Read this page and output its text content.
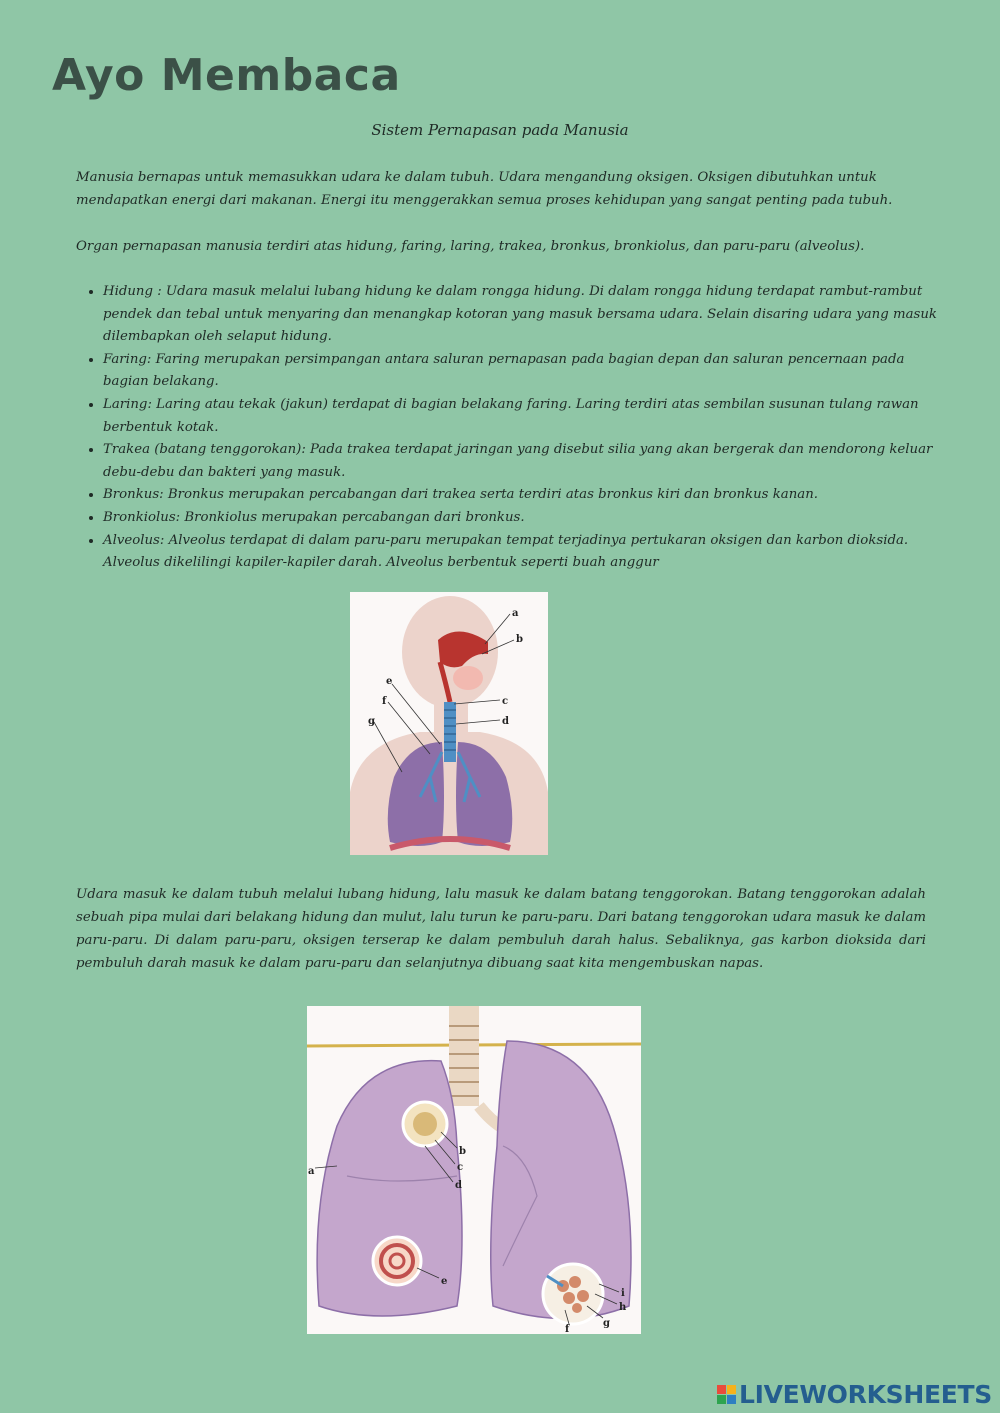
Ayo Membaca
Sistem Pernapasan pada Manusia

Manusia bernapas untuk memasukkan udara ke dalam tubuh. Udara mengandung oksigen. Oksigen dibutuhkan untuk mendapatkan energi dari makanan. Energi itu menggerakkan semua proses kehidupan yang sangat penting pada tubuh.

Organ pernapasan manusia terdiri atas hidung, faring, laring, trakea, bronkus, bronkiolus, dan paru-paru (alveolus).

• Hidung : Udara masuk melalui lubang hidung ke dalam rongga hidung. Di dalam rongga hidung terdapat rambut-rambut pendek dan tebal untuk menyaring dan menangkap kotoran yang masuk bersama udara. Selain disaring udara yang masuk dilembapkan oleh selaput hidung.
• Faring: Faring merupakan persimpangan antara saluran pernapasan pada bagian depan dan saluran pencernaan pada bagian belakang.
• Laring: Laring atau tekak (jakun) terdapat di bagian belakang faring. Laring terdiri atas sembilan susunan tulang rawan berbentuk kotak.
• Trakea (batang tenggorokan): Pada trakea terdapat jaringan yang disebut silia yang akan bergerak dan mendorong keluar debu-debu dan bakteri yang masuk.
• Bronkus: Bronkus merupakan percabangan dari trakea serta terdiri atas bronkus kiri dan bronkus kanan.
• Bronkiolus: Bronkiolus merupakan percabangan dari bronkus.
• Alveolus: Alveolus terdapat di dalam paru-paru merupakan tempat terjadinya pertukaran oksigen dan karbon dioksida. Alveolus dikelilingi kapiler-kapiler darah. Alveolus berbentuk seperti buah anggur
a
b
c
d
e
f
g

Udara masuk ke dalam tubuh melalui lubang hidung, lalu masuk ke dalam batang tenggorokan. Batang tenggorokan adalah sebuah pipa mulai dari belakang hidung dan mulut, lalu turun ke paru-paru. Dari batang tenggorokan udara masuk ke dalam paru-paru. Di dalam paru-paru, oksigen terserap ke dalam pembuluh darah halus. Sebaliknya, gas karbon dioksida dari pembuluh darah masuk ke dalam paru-paru dan selanjutnya dibuang saat kita mengembuskan napas.

a
b
c
d
e
f
g
h
i
LIVEWORKSHEETS
